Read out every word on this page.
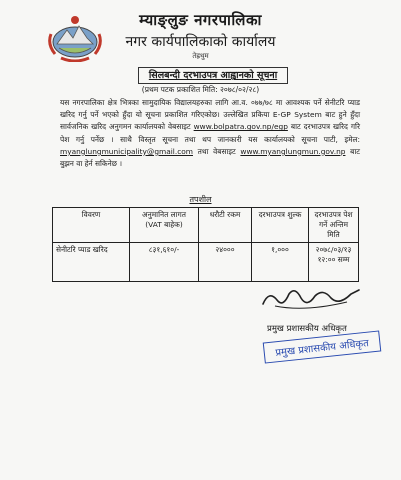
म्याङ्लुङ नगरपालिका
नगर कार्यपालिकाको कार्यालय
तेह्रथुम
सिलबन्दी दरभाउपत्र आह्वानको सूचना
(प्रथम पटक प्रकाशित मिति: २०७८/०२/२८)
यस नगरपालिका क्षेत्र भित्रका सामुदायिक विद्यालयहरुका लागि आ.व. ०७७/७८ मा आवश्यक पर्ने सेनीटरि प्याड खरिद गर्नु पर्ने भएको हुँदा यो सूचना प्रकाशित गरिएकोछ। उल्लेखित प्रकिया E-GP System बाट हुने हुँदा सार्वजनिक खरिद अनुगमन कार्यालयको वेबसाइट www.bolpatra.gov.np/egp बाट दरभाउपत्र खरिद गरि पेश गर्नु पर्नेछ । साथै विस्तृत सूचना तथा थप जानकारी यस कार्यालयको सूचना पाटी, इमेल: myanglungmunicipality@gmail.com तथा वेबसाइट www.myanglungmun.gov.np बाट बुझन वा हेर्न सकिनेछ ।
तपशील
विवरण	अनुमानित लागत (VAT बाहेक)	धरौटी रकम	दरभाउपत्र शुल्क	दरभाउपत्र पेश गर्ने अन्तिम मिति
सेनीटरि प्याड खरिद	८३१,६१०/-	२४०००	१,०००	२०७८/०३/१३ १२:०० सम्म
प्रमुख प्रशासकीय अधिकृत
प्रमुख प्रशासकीय अधिकृत
